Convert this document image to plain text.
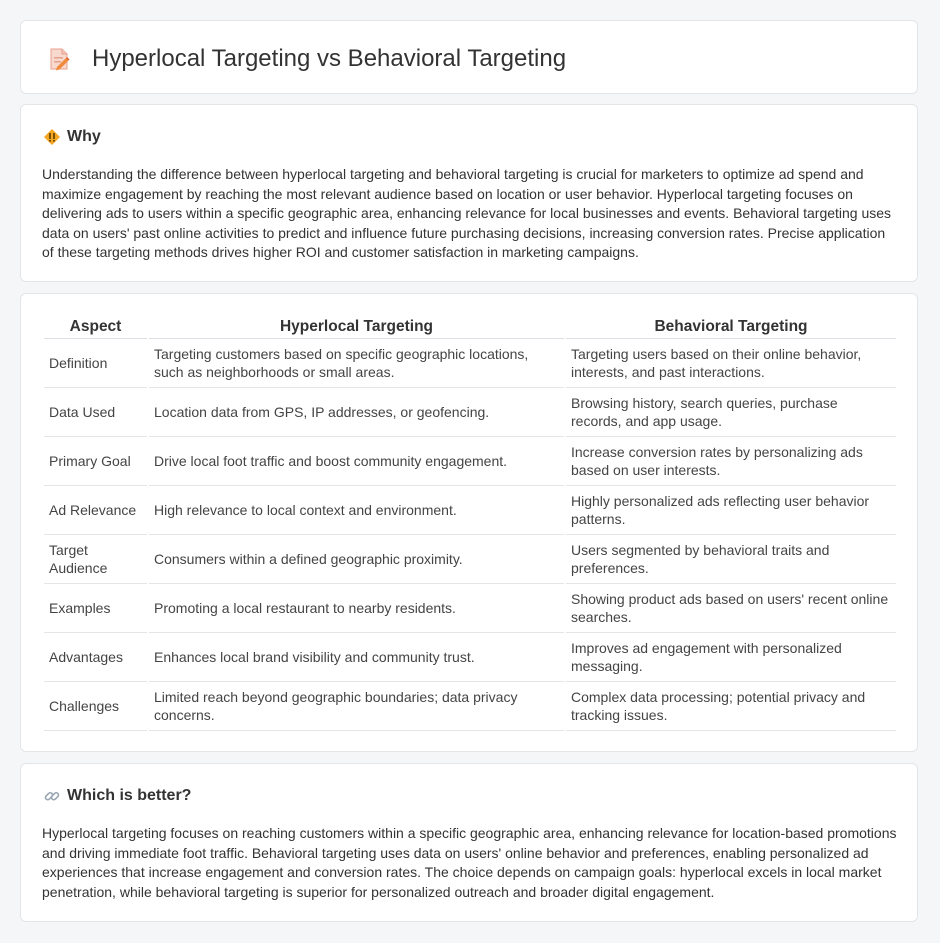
Hyperlocal Targeting vs Behavioral Targeting
Why

Understanding the difference between hyperlocal targeting and behavioral targeting is crucial for marketers to optimize ad spend and maximize engagement by reaching the most relevant audience based on location or user behavior. Hyperlocal targeting focuses on delivering ads to users within a specific geographic area, enhancing relevance for local businesses and events. Behavioral targeting uses data on users' past online activities to predict and influence future purchasing decisions, increasing conversion rates. Precise application of these targeting methods drives higher ROI and customer satisfaction in marketing campaigns.

Aspect	Hyperlocal Targeting	Behavioral Targeting
Definition	Targeting customers based on specific geographic locations, such as neighborhoods or small areas.	Targeting users based on their online behavior, interests, and past interactions.
Data Used	Location data from GPS, IP addresses, or geofencing.	Browsing history, search queries, purchase records, and app usage.
Primary Goal	Drive local foot traffic and boost community engagement.	Increase conversion rates by personalizing ads based on user interests.
Ad Relevance	High relevance to local context and environment.	Highly personalized ads reflecting user behavior patterns.
Target Audience	Consumers within a defined geographic proximity.	Users segmented by behavioral traits and preferences.
Examples	Promoting a local restaurant to nearby residents.	Showing product ads based on users' recent online searches.
Advantages	Enhances local brand visibility and community trust.	Improves ad engagement with personalized messaging.
Challenges	Limited reach beyond geographic boundaries; data privacy concerns.	Complex data processing; potential privacy and tracking issues.
Which is better?

Hyperlocal targeting focuses on reaching customers within a specific geographic area, enhancing relevance for location-based promotions and driving immediate foot traffic. Behavioral targeting uses data on users' online behavior and preferences, enabling personalized ad experiences that increase engagement and conversion rates. The choice depends on campaign goals: hyperlocal excels in local market penetration, while behavioral targeting is superior for personalized outreach and broader digital engagement.
